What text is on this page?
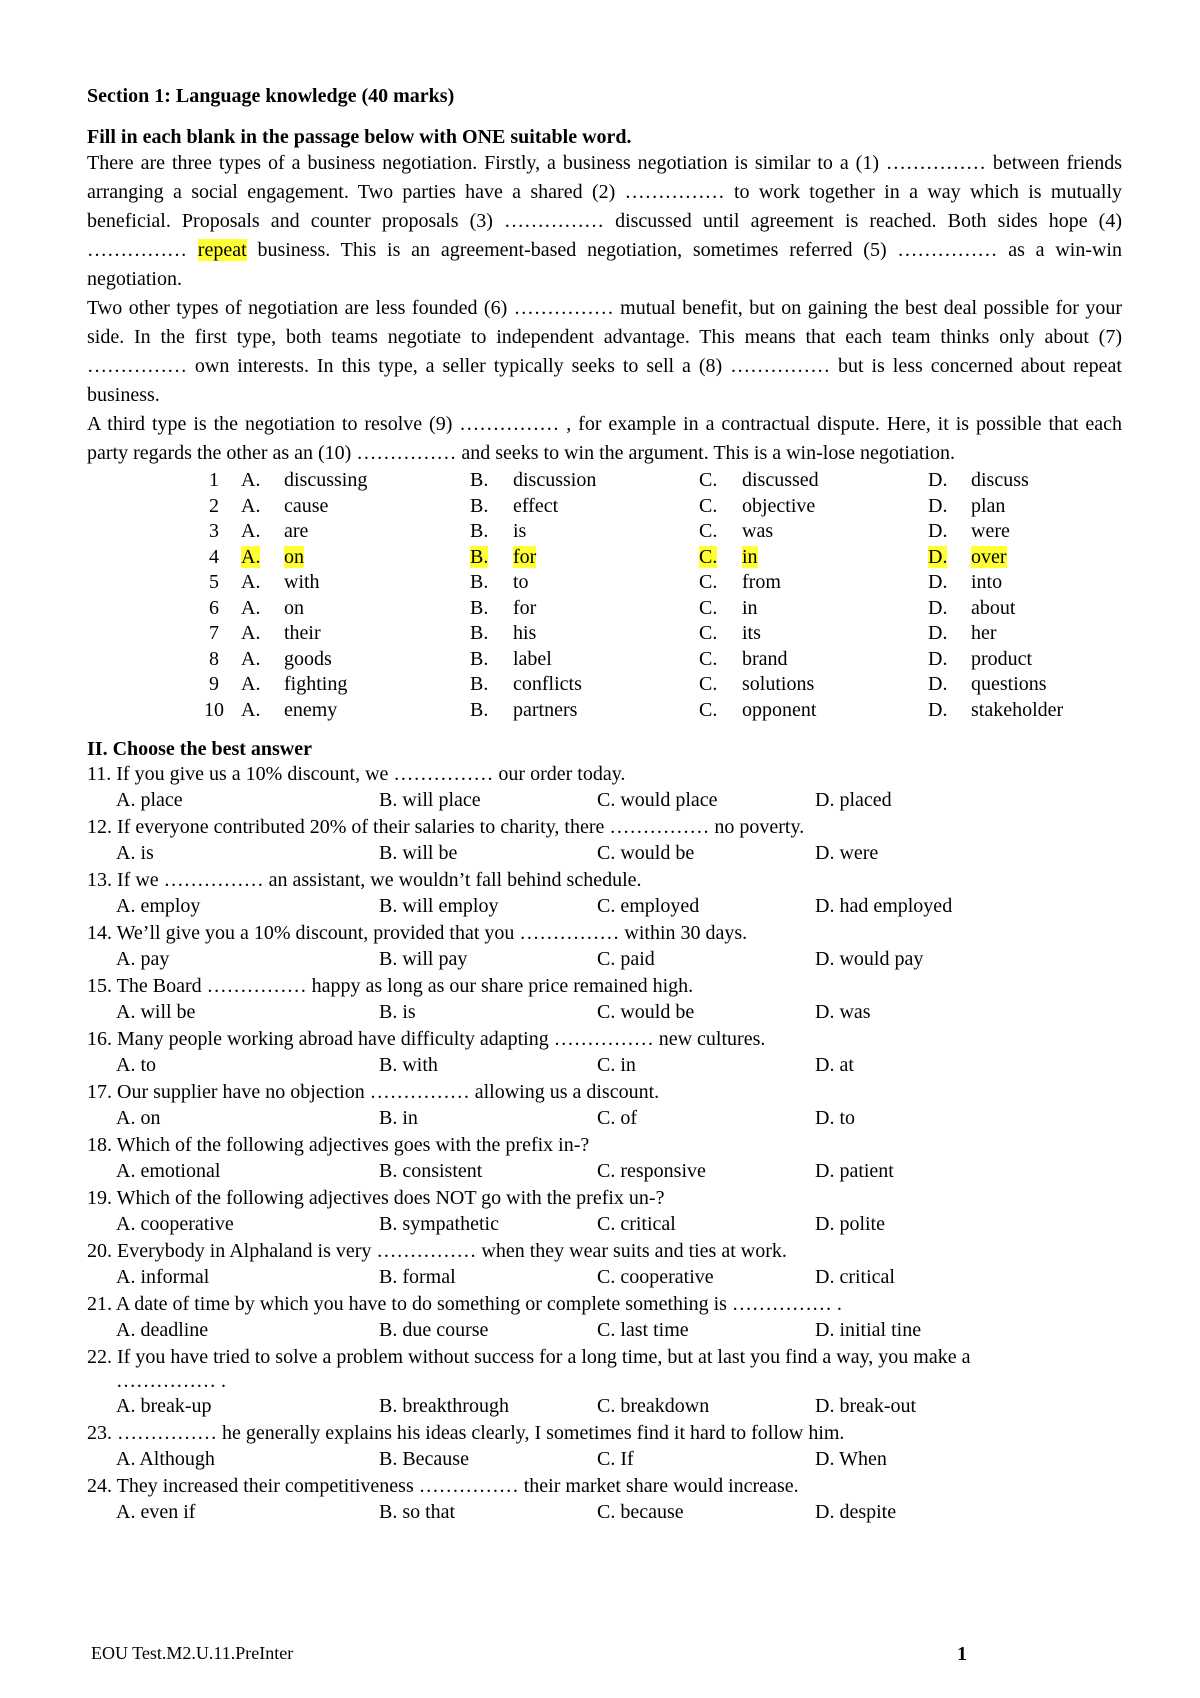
Section 1: Language knowledge (40 marks)

Fill in each blank in the passage below with ONE suitable word.

There are three types of a business negotiation. Firstly, a business negotiation is similar to a (1) …………… between friends arranging a social engagement. Two parties have a shared (2) …………… to work together in a way which is mutually beneficial. Proposals and counter proposals (3) …………… discussed until agreement is reached. Both sides hope (4) …………… repeat business. This is an agreement-based negotiation, sometimes referred (5) …………… as a win-win negotiation.

Two other types of negotiation are less founded (6) …………… mutual benefit, but on gaining the best deal possible for your side. In the first type, both teams negotiate to independent advantage. This means that each team thinks only about (7) …………… own interests. In this type, a seller typically seeks to sell a (8) …………… but is less concerned about repeat business.

A third type is the negotiation to resolve (9) …………… , for example in a contractual dispute. Here, it is possible that each party regards the other as an (10) …………… and seeks to win the argument. This is a win-lose negotiation.

1	A.	discussing	B.	discussion	C.	discussed	D.	discuss
2	A.	cause	B.	effect	C.	objective	D.	plan
3	A.	are	B.	is	C.	was	D.	were
4	A.	on	B.	for	C.	in	D.	over
5	A.	with	B.	to	C.	from	D.	into
6	A.	on	B.	for	C.	in	D.	about
7	A.	their	B.	his	C.	its	D.	her
8	A.	goods	B.	label	C.	brand	D.	product
9	A.	fighting	B.	conflicts	C.	solutions	D.	questions
10	A.	enemy	B.	partners	C.	opponent	D.	stakeholder

II. Choose the best answer

11. If you give us a 10% discount, we …………… our order today.
A. place	B. will place	C. would place	D. placed
12. If everyone contributed 20% of their salaries to charity, there …………… no poverty.
A. is	B. will be	C. would be	D. were
13. If we …………… an assistant, we wouldn’t fall behind schedule.
A. employ	B. will employ	C. employed	D. had employed
14. We’ll give you a 10% discount, provided that you …………… within 30 days.
A. pay	B. will pay	C. paid	D. would pay
15. The Board …………… happy as long as our share price remained high.
A. will be	B. is	C. would be	D. was
16. Many people working abroad have difficulty adapting …………… new cultures.
A. to	B. with	C. in	D. at
17. Our supplier have no objection …………… allowing us a discount.
A. on	B. in	C. of	D. to
18. Which of the following adjectives goes with the prefix in-?
A. emotional	B. consistent	C. responsive	D. patient
19. Which of the following adjectives does NOT go with the prefix un-?
A. cooperative	B. sympathetic	C. critical	D. polite
20. Everybody in Alphaland is very …………… when they wear suits and ties at work.
A. informal	B. formal	C. cooperative	D. critical
21. A date of time by which you have to do something or complete something is …………… .
A. deadline	B. due course	C. last time	D. initial tine
22. If you have tried to solve a problem without success for a long time, but at last you find a way, you make a
…………… .
A. break-up	B. breakthrough	C. breakdown	D. break-out
23. …………… he generally explains his ideas clearly, I sometimes find it hard to follow him.
A. Although	B. Because	C. If	D. When
24. They increased their competitiveness …………… their market share would increase.
A. even if	B. so that	C. because	D. despite
EOU Test.M2.U.11.PreInter	1
